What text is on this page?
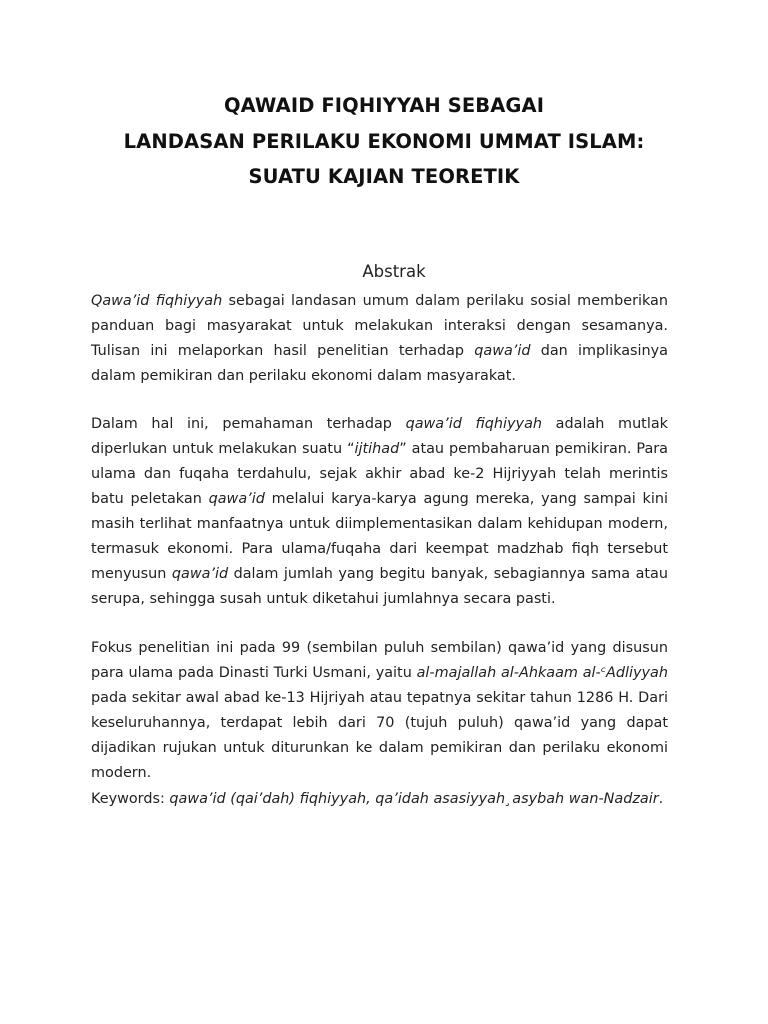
QAWAID FIQHIYYAH SEBAGAI
LANDASAN PERILAKU EKONOMI UMMAT ISLAM:
SUATU KAJIAN TEORETIK
Abstrak

Qawa’id fiqhiyyah sebagai landasan umum dalam perilaku sosial memberikan panduan bagi masyarakat untuk melakukan interaksi dengan sesamanya. Tulisan ini melaporkan hasil penelitian terhadap qawa’id dan implikasinya dalam pemikiran dan perilaku ekonomi dalam masyarakat.

Dalam hal ini, pemahaman terhadap qawa’id fiqhiyyah adalah mutlak diperlukan untuk melakukan suatu “ijtihad” atau pembaharuan pemikiran. Para ulama dan fuqaha terdahulu, sejak akhir abad ke-2 Hijriyyah telah merintis batu peletakan qawa’id melalui karya-karya agung mereka, yang sampai kini masih terlihat manfaatnya untuk diimplementasikan dalam kehidupan modern, termasuk ekonomi. Para ulama/fuqaha dari keempat madzhab fiqh tersebut menyusun qawa’id dalam jumlah yang begitu banyak, sebagiannya sama atau serupa, sehingga susah untuk diketahui jumlahnya secara pasti.

Fokus penelitian ini pada 99 (sembilan puluh sembilan) qawa’id yang disusun para ulama pada Dinasti Turki Usmani, yaitu al-majallah al-Ahkaam al-ᶜAdliyyah pada sekitar awal abad ke-13 Hijriyah atau tepatnya sekitar tahun 1286 H. Dari keseluruhannya, terdapat lebih dari 70 (tujuh puluh) qawa’id yang dapat dijadikan rujukan untuk diturunkan ke dalam pemikiran dan perilaku ekonomi modern.

Keywords: qawa’id (qai’dah) fiqhiyyah, qa’idah asasiyyah¸asybah wan-Nadzair.
